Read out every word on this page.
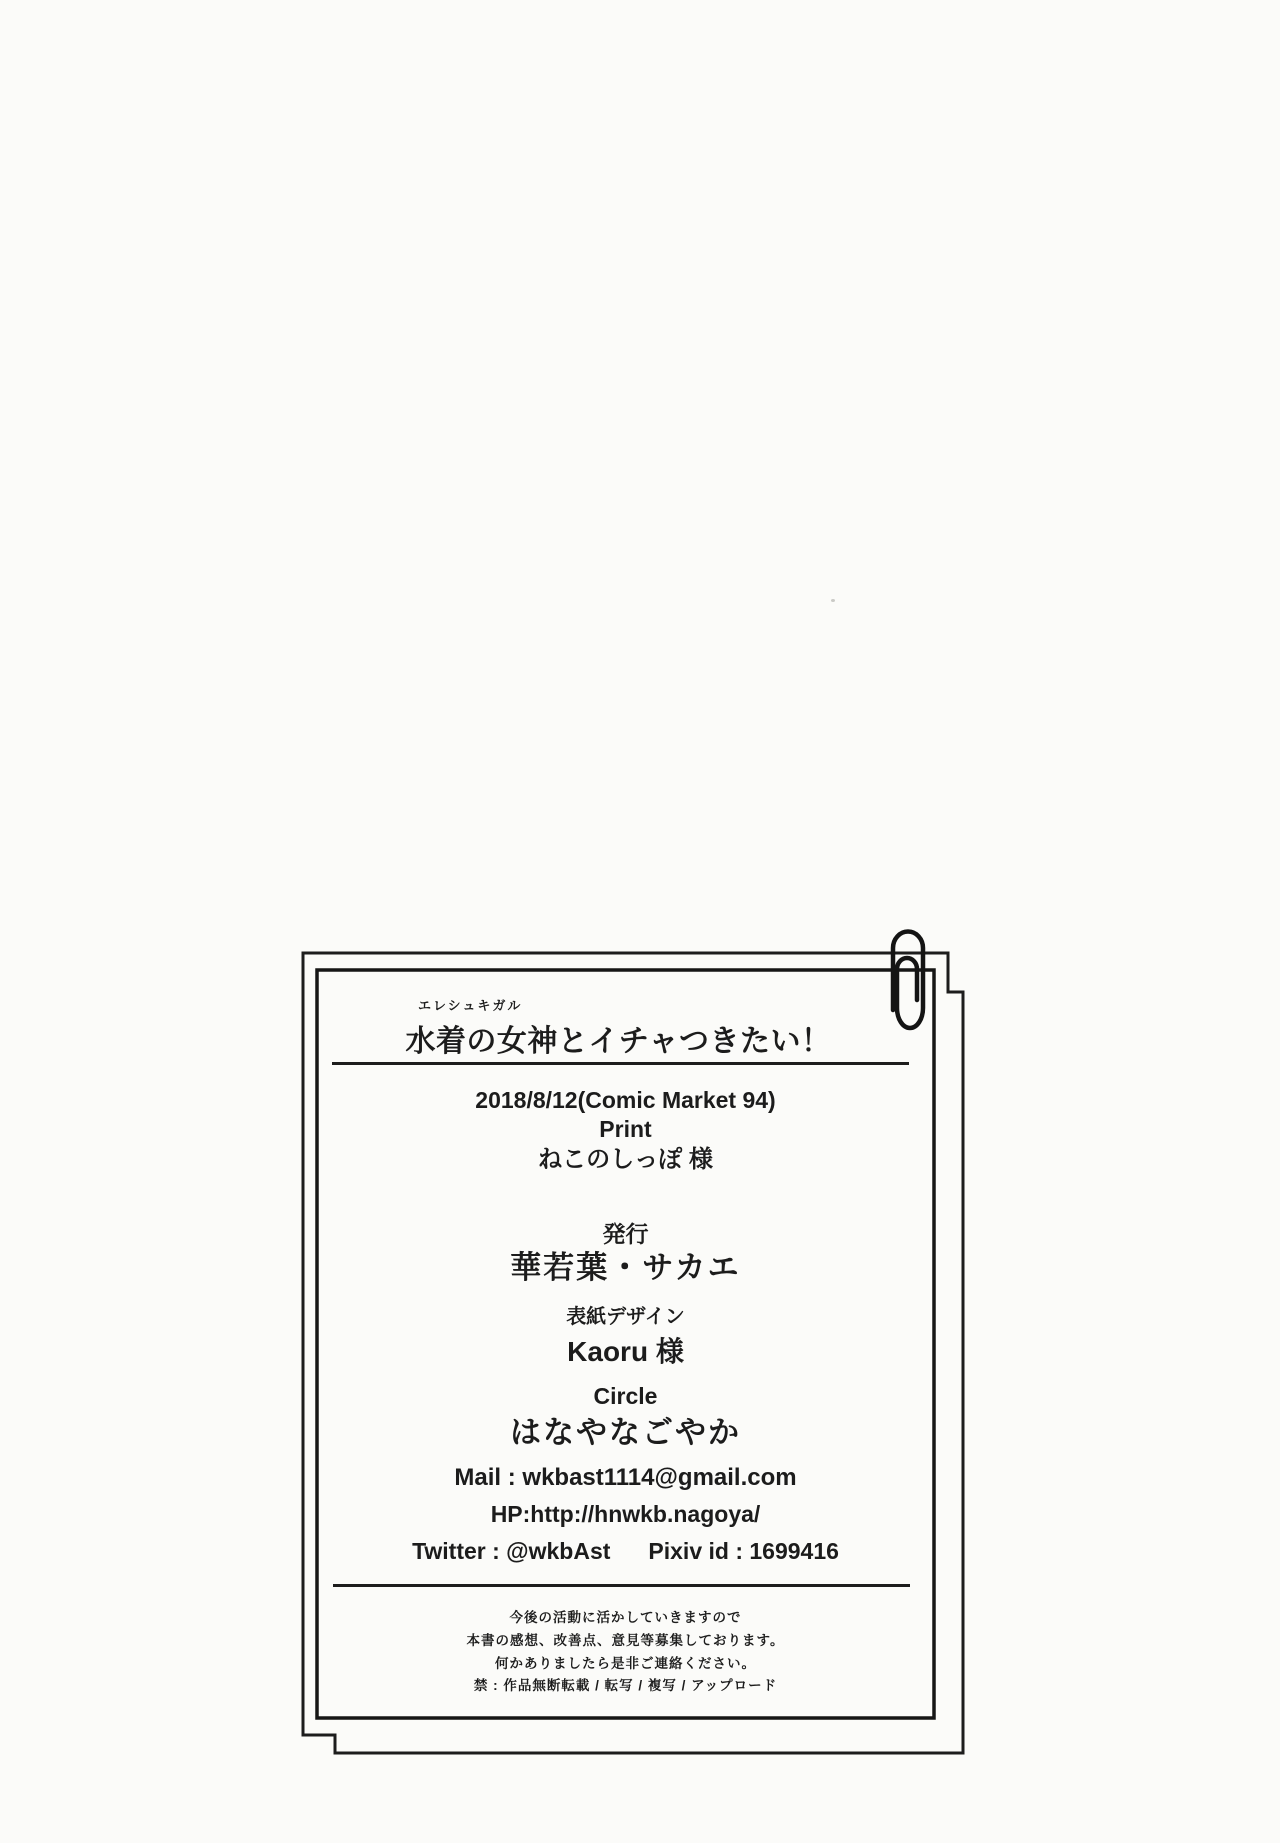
エレシュキガル
水着の女神とイチャつきたい！
2018/8/12(Comic Market 94)
Print
ねこのしっぽ 様
発行
華若葉・サカエ
表紙デザイン
Kaoru 様
Circle
はなやなごやか
Mail : wkbast1114@gmail.com
HP:http://hnwkb.nagoya/
Twitter : @wkbAst Pixiv id : 1699416
今後の活動に活かしていきますので
本書の感想、改善点、意見等募集しております。
何かありましたら是非ご連絡ください。
禁 : 作品無断転載 / 転写 / 複写 / アップロード
